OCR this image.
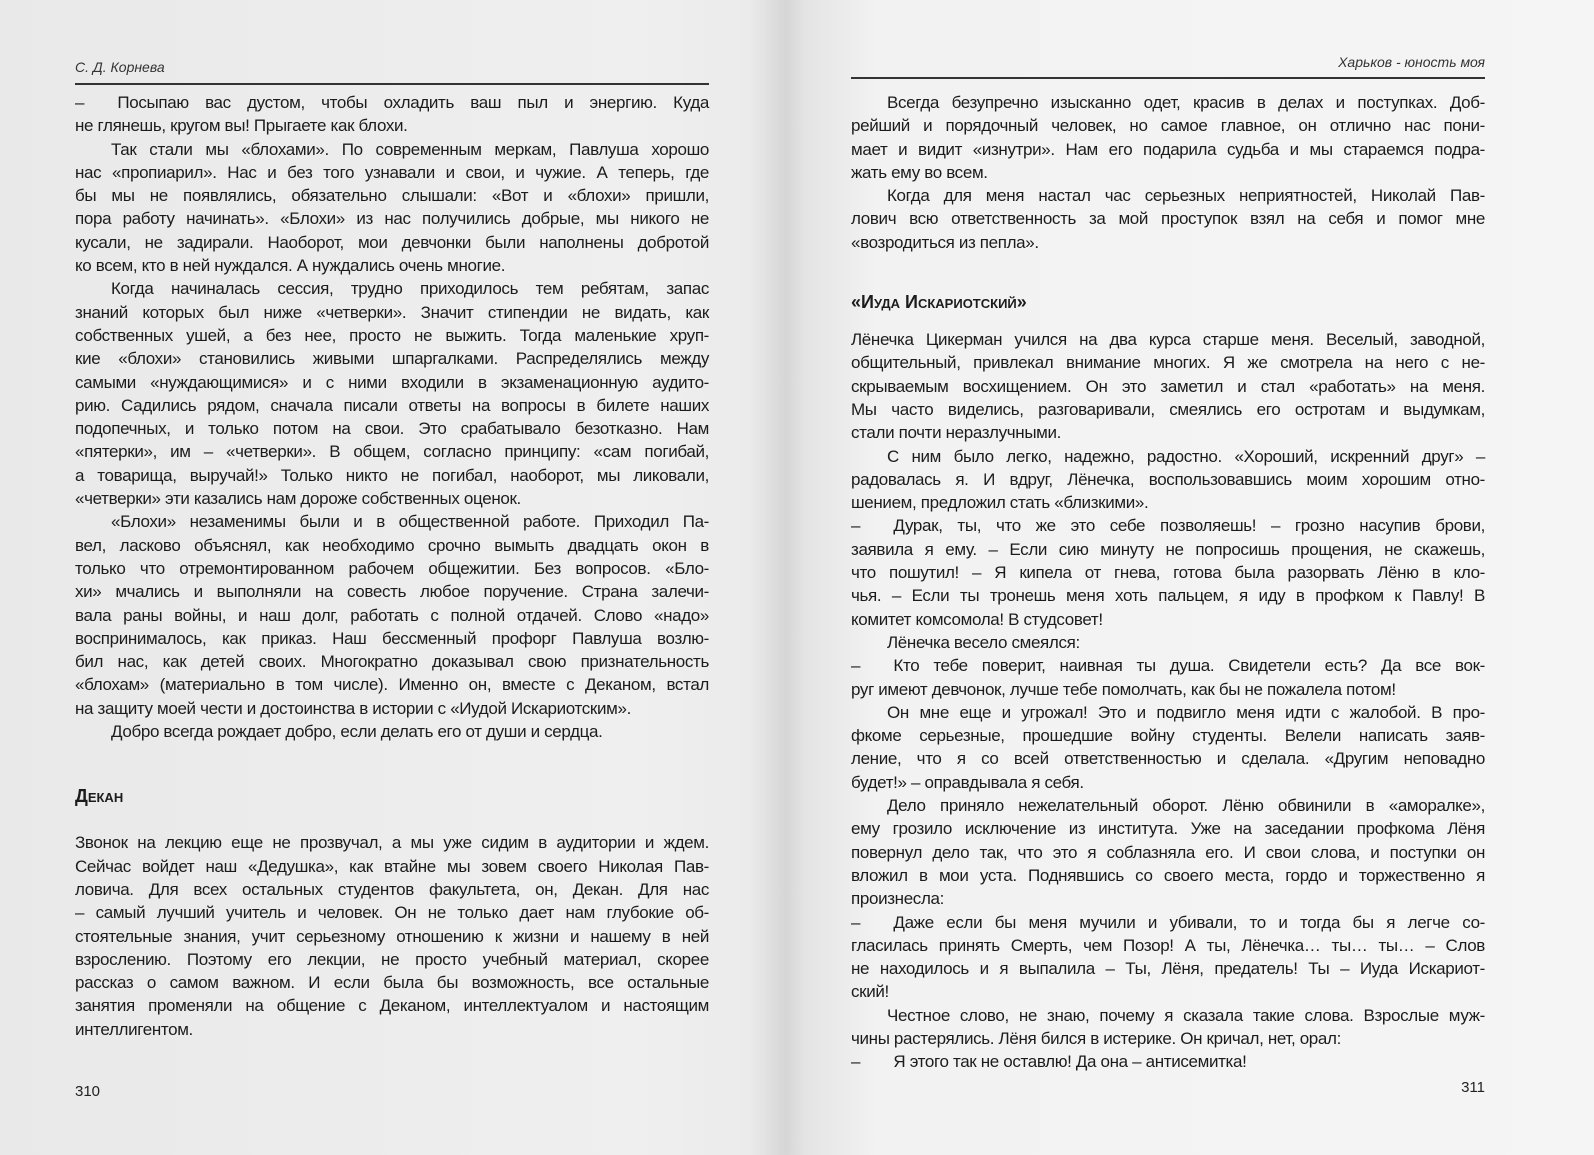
С. Д. Корнева
–  Посыпаю вас дустом, чтобы охладить ваш пыл и энергию. Куда
не глянешь, кругом вы! Прыгаете как блохи.
Так стали мы «блохами». По современным меркам, Павлуша хорошо
нас «пропиарил». Нас и без того узнавали и свои, и чужие. А теперь, где
бы мы не появлялись, обязательно слышали: «Вот и «блохи» пришли,
пора работу начинать». «Блохи» из нас получились добрые, мы никого не
кусали, не задирали. Наоборот, мои девчонки были наполнены добротой
ко всем, кто в ней нуждался. А нуждались очень многие.
Когда начиналась сессия, трудно приходилось тем ребятам, запас
знаний которых был ниже «четверки». Значит стипендии не видать, как
собственных ушей, а без нее, просто не выжить. Тогда маленькие хруп-
кие «блохи» становились живыми шпаргалками. Распределялись между
самыми «нуждающимися» и с ними входили в экзаменационную аудито-
рию. Садились рядом, сначала писали ответы на вопросы в билете наших
подопечных, и только потом на свои. Это срабатывало безотказно. Нам
«пятерки», им – «четверки». В общем, согласно принципу: «сам погибай,
а товарища, выручай!» Только никто не погибал, наоборот, мы ликовали,
«четверки» эти казались нам дороже собственных оценок.
«Блохи» незаменимы были и в общественной работе. Приходил Па-
вел, ласково объяснял, как необходимо срочно вымыть двадцать окон в
только что отремонтированном рабочем общежитии. Без вопросов. «Бло-
хи» мчались и выполняли на совесть любое поручение. Страна залечи-
вала раны войны, и наш долг, работать с полной отдачей. Слово «надо»
воспринималось, как приказ. Наш бессменный профорг Павлуша возлю-
бил нас, как детей своих. Многократно доказывал свою признательность
«блохам» (материально в том числе). Именно он, вместе с Деканом, встал
на защиту моей чести и достоинства в истории с «Иудой Искариотским».
Добро всегда рождает добро, если делать его от души и сердца.
Декан
Звонок на лекцию еще не прозвучал, а мы уже сидим в аудитории и ждем.
Сейчас войдет наш «Дедушка», как втайне мы зовем своего Николая Пав-
ловича. Для всех остальных студентов факультета, он, Декан. Для нас
– самый лучший учитель и человек. Он не только дает нам глубокие об-
стоятельные знания, учит серьезному отношению к жизни и нашему в ней
взрослению. Поэтому его лекции, не просто учебный материал, скорее
рассказ о самом важном. И если была бы возможность, все остальные
занятия променяли на общение с Деканом, интеллектуалом и настоящим
интеллигентом.
310
Харьков - юность моя
Всегда безупречно изысканно одет, красив в делах и поступках. Доб-
рейший и порядочный человек, но самое главное, он отлично нас пони-
мает и видит «изнутри». Нам его подарила судьба и мы стараемся подра-
жать ему во всем.
Когда для меня настал час серьезных неприятностей, Николай Пав-
лович всю ответственность за мой проступок взял на себя и помог мне
«возродиться из пепла».
«Иуда Искариотский»
Лёнечка Цикерман учился на два курса старше меня. Веселый, заводной,
общительный, привлекал внимание многих. Я же смотрела на него с не-
скрываемым восхищением. Он это заметил и стал «работать» на меня.
Мы часто виделись, разговаривали, смеялись его остротам и выдумкам,
стали почти неразлучными.
С ним было легко, надежно, радостно. «Хороший, искренний друг» –
радовалась я. И вдруг, Лёнечка, воспользовавшись моим хорошим отно-
шением, предложил стать «близкими».
–  Дурак, ты, что же это себе позволяешь! – грозно насупив брови,
заявила я ему. – Если сию минуту не попросишь прощения, не скажешь,
что пошутил! – Я кипела от гнева, готова была разорвать Лёню в кло-
чья. – Если ты тронешь меня хоть пальцем, я иду в профком к Павлу! В
комитет комсомола! В студсовет!
Лёнечка весело смеялся:
–  Кто тебе поверит, наивная ты душа. Свидетели есть? Да все вок-
руг имеют девчонок, лучше тебе помолчать, как бы не пожалела потом!
Он мне еще и угрожал! Это и подвигло меня идти с жалобой. В про-
фкоме серьезные, прошедшие войну студенты. Велели написать заяв-
ление, что я со всей ответственностью и сделала. «Другим неповадно
будет!» – оправдывала я себя.
Дело приняло нежелательный оборот. Лёню обвинили в «аморалке»,
ему грозило исключение из института. Уже на заседании профкома Лёня
повернул дело так, что это я соблазняла его. И свои слова, и поступки он
вложил в мои уста. Поднявшись со своего места, гордо и торжественно я
произнесла:
–  Даже если бы меня мучили и убивали, то и тогда бы я легче со-
гласилась принять Смерть, чем Позор! А ты, Лёнечка… ты… ты… – Слов
не находилось и я выпалила – Ты, Лёня, предатель! Ты – Иуда Искариот-
ский!
Честное слово, не знаю, почему я сказала такие слова. Взрослые муж-
чины растерялись. Лёня бился в истерике. Он кричал, нет, орал:
–  Я этого так не оставлю! Да она – антисемитка!
311
